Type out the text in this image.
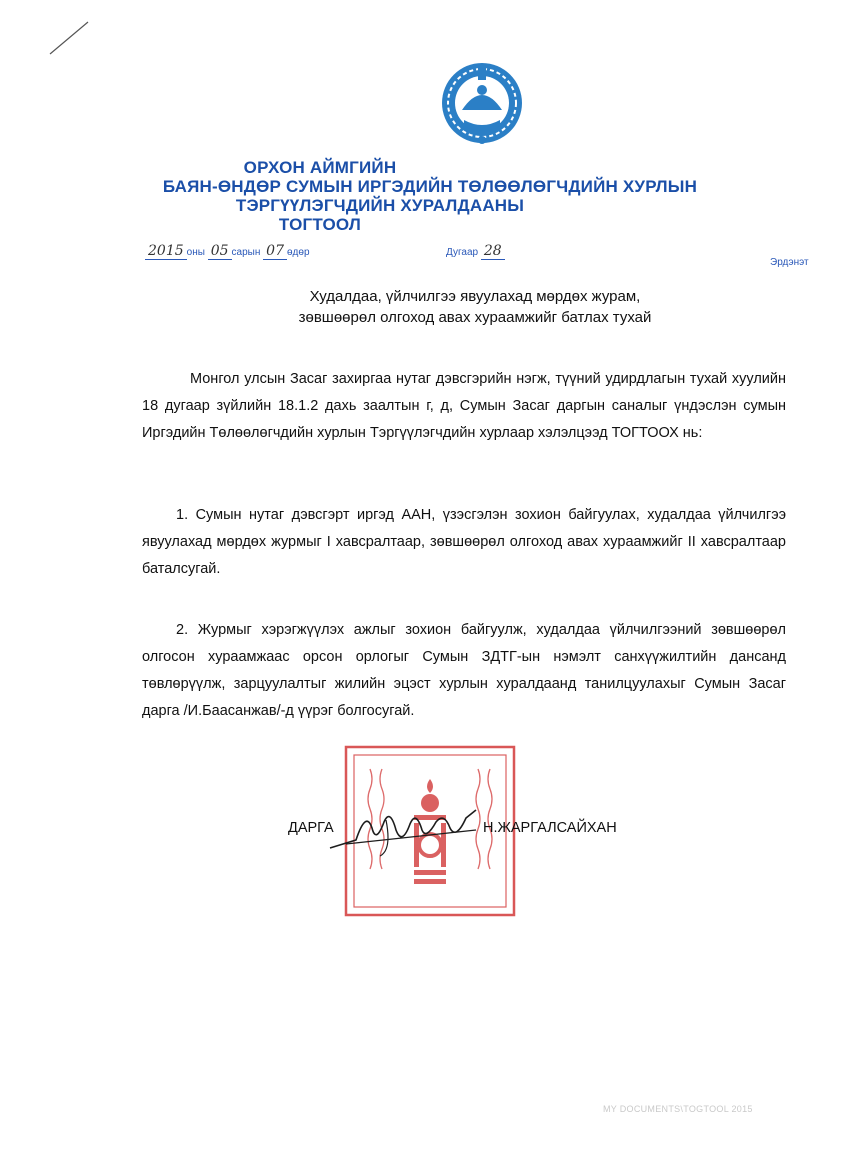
ОРХОН АЙМГИЙН
БАЯН-ӨНДӨР СУМЫН ИРГЭДИЙН ТӨЛӨӨЛӨГЧДИЙН ХУРЛЫН
ТЭРГҮҮЛЭГЧДИЙН ХУРАЛДААНЫ
ТОГТООЛ
2015 оны 05 сарын 07 өдөр	Дугаар 28
Эрдэнэт
Худалдаа, үйлчилгээ явуулахад мөрдөх журам,
зөвшөөрөл олгоход авах хураамжийг батлах тухай
Монгол улсын Засаг захиргаа нутаг дэвсгэрийн нэгж, түүний удирдлагын тухай хуулийн 18 дугаар зүйлийн 18.1.2 дахь заалтын г, д, Сумын Засаг даргын саналыг үндэслэн сумын Иргэдийн Төлөөлөгчдийн хурлын Тэргүүлэгчдийн хурлаар хэлэлцээд ТОГТООХ нь:
1. Сумын нутаг дэвсгэрт иргэд ААН, үзэсгэлэн зохион байгуулах, худалдаа үйлчилгээ явуулахад мөрдөх журмыг I хавсралтаар, зөвшөөрөл олгоход авах хураамжийг II хавсралтаар баталсугай.
2. Журмыг хэрэгжүүлэх ажлыг зохион байгуулж, худалдаа үйлчилгээний зөвшөөрөл олгосон хураамжаас орсон орлогыг Сумын ЗДТГ-ын нэмэлт санхүүжилтийн дансанд төвлөрүүлж, зарцуулалтыг жилийн эцэст хурлын хуралдаанд танилцуулахыг Сумын Засаг дарга /И.Баасанжав/-д үүрэг болгосугай.
ДАРГА	Н.ЖАРГАЛСАЙХАН
MY DOCUMENTS\TOGTOOL 2015
